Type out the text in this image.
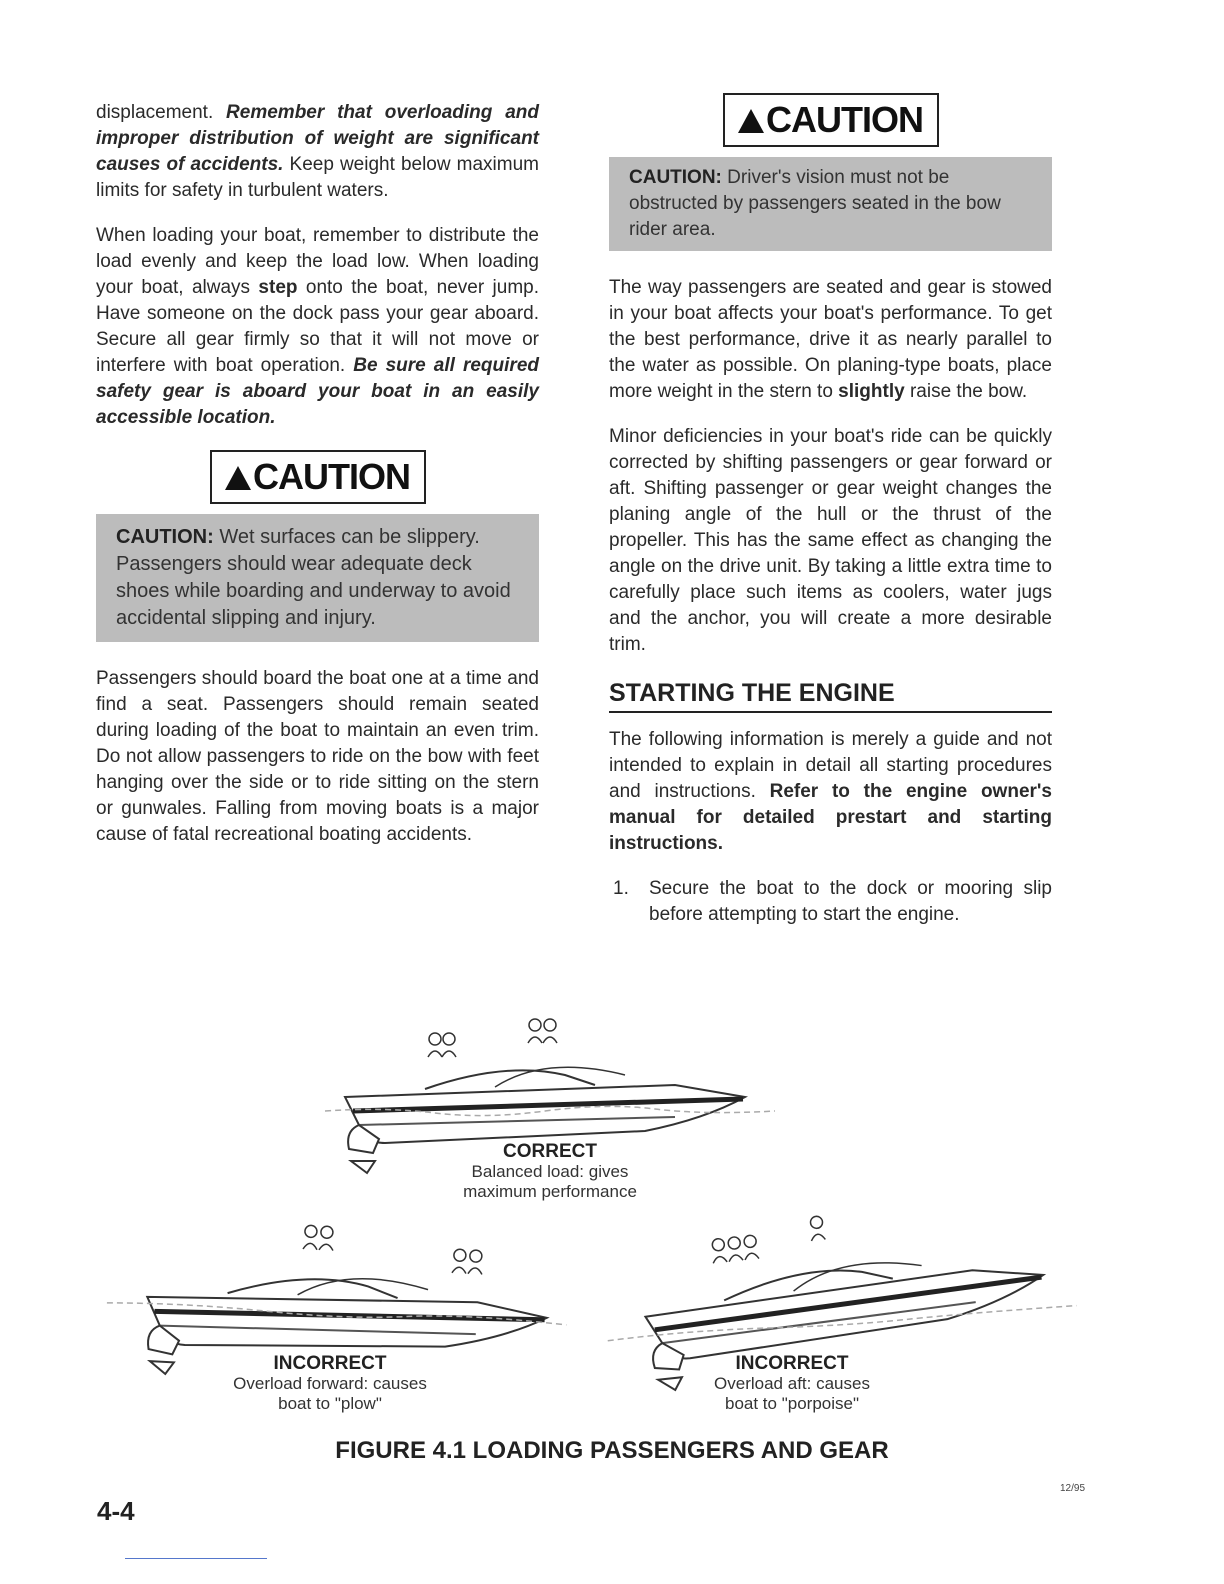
displacement. Remember that overloading and improper distribution of weight are significant causes of accidents. Keep weight below maximum limits for safety in turbulent waters.

When loading your boat, remember to distribute the load evenly and keep the load low. When loading your boat, always step onto the boat, never jump. Have someone on the dock pass your gear aboard. Secure all gear firmly so that it will not move or interfere with boat operation. Be sure all required safety gear is aboard your boat in an easily accessible location.

CAUTION
CAUTION: Wet surfaces can be slippery. Passengers should wear adequate deck shoes while boarding and underway to avoid accidental slipping and injury.

Passengers should board the boat one at a time and find a seat. Passengers should remain seated during loading of the boat to maintain an even trim. Do not allow passengers to ride on the bow with feet hanging over the side or to ride sitting on the stern or gunwales. Falling from moving boats is a major cause of fatal recreational boating accidents.

CAUTION
CAUTION: Driver's vision must not be obstructed by passengers seated in the bow rider area.

The way passengers are seated and gear is stowed in your boat affects your boat's performance. To get the best performance, drive it as nearly parallel to the water as possible. On planing-type boats, place more weight in the stern to slightly raise the bow.

Minor deficiencies in your boat's ride can be quickly corrected by shifting passengers or gear forward or aft. Shifting passenger or gear weight changes the planing angle of the hull or the thrust of the propeller. This has the same effect as changing the angle on the drive unit. By taking a little extra time to carefully place such items as coolers, water jugs and the anchor, you will create a more desirable trim.

STARTING THE ENGINE

The following information is merely a guide and not intended to explain in detail all starting procedures and instructions. Refer to the engine owner's manual for detailed prestart and starting instructions.

1.	Secure the boat to the dock or mooring slip before attempting to start the engine.
CORRECT
Balanced load: gives
maximum performance
INCORRECT
Overload forward: causes
boat to "plow"
INCORRECT
Overload aft: causes
boat to "porpoise"
FIGURE 4.1 LOADING PASSENGERS AND GEAR
4-4
12/95
